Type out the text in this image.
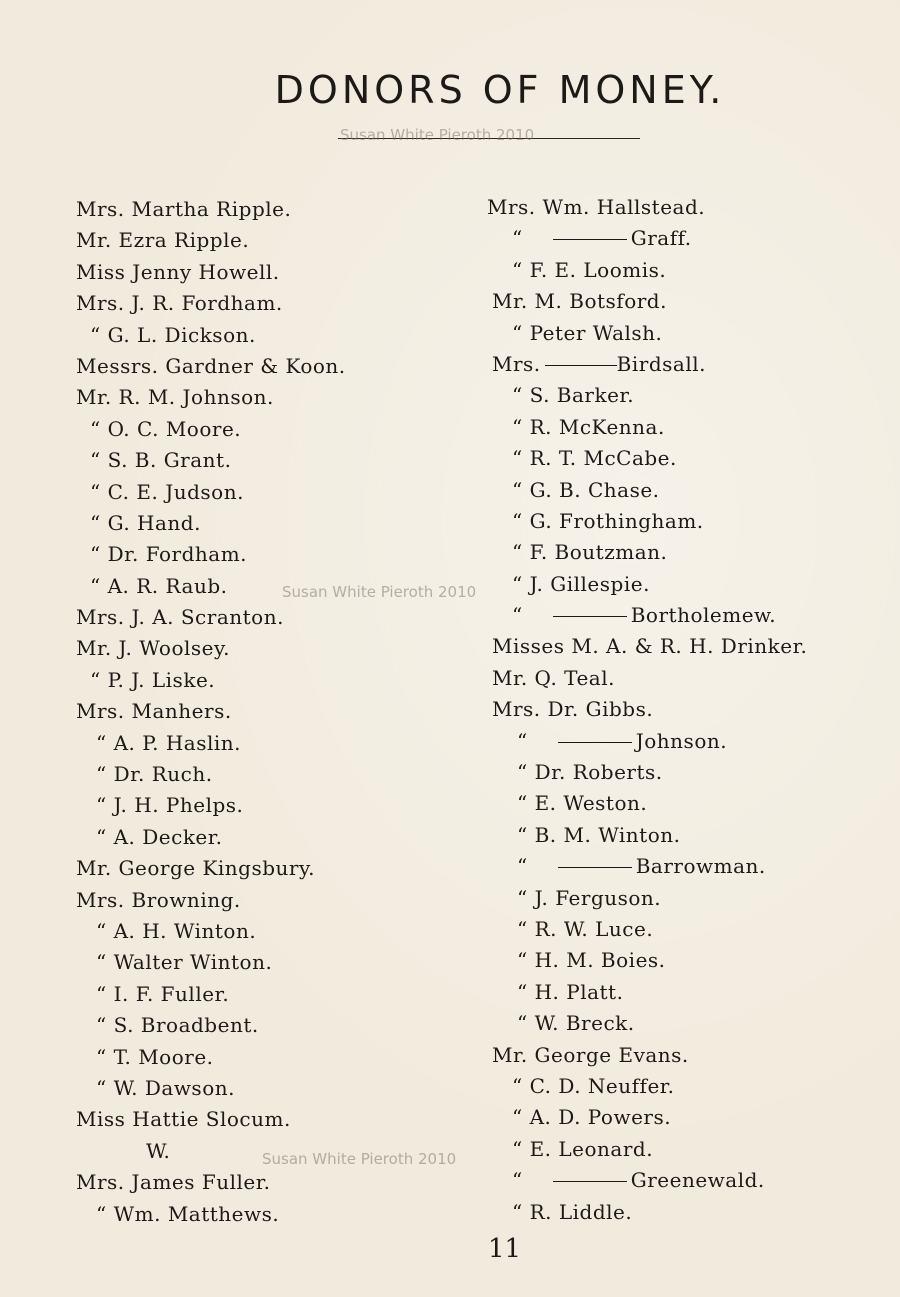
DONORS OF MONEY.
Susan White Pieroth 2010
Susan White Pieroth 2010
Susan White Pieroth 2010
Mrs. Martha Ripple.
Mr. Ezra Ripple.
Miss Jenny Howell.
Mrs. J. R. Fordham.
“ G. L. Dickson.
Messrs. Gardner & Koon.
Mr. R. M. Johnson.
“ O. C. Moore.
“ S. B. Grant.
“ C. E. Judson.
“ G. Hand.
“ Dr. Fordham.
“ A. R. Raub.
Mrs. J. A. Scranton.
Mr. J. Woolsey.
“ P. J. Liske.
Mrs. Manhers.
“ A. P. Haslin.
“ Dr. Ruch.
“ J. H. Phelps.
“ A. Decker.
Mr. George Kingsbury.
Mrs. Browning.
“ A. H. Winton.
“ Walter Winton.
“ I. F. Fuller.
“ S. Broadbent.
“ T. Moore.
“ W. Dawson.
Miss Hattie Slocum.
W.
Mrs. James Fuller.
“ Wm. Matthews.
Mrs. Wm. Hallstead.
“	Graff.
“ F. E. Loomis.
Mr. M. Botsford.
“ Peter Walsh.
Mrs.	Birdsall.
“ S. Barker.
“ R. McKenna.
“ R. T. McCabe.
“ G. B. Chase.
“ G. Frothingham.
“ F. Boutzman.
“ J. Gillespie.
“	Bortholemew.
Misses M. A. & R. H. Drinker.
Mr. Q. Teal.
Mrs. Dr. Gibbs.
“	Johnson.
“ Dr. Roberts.
“ E. Weston.
“ B. M. Winton.
“	Barrowman.
“ J. Ferguson.
“ R. W. Luce.
“ H. M. Boies.
“ H. Platt.
“ W. Breck.
Mr. George Evans.
“ C. D. Neuffer.
“ A. D. Powers.
“ E. Leonard.
“	Greenewald.
“ R. Liddle.
11
